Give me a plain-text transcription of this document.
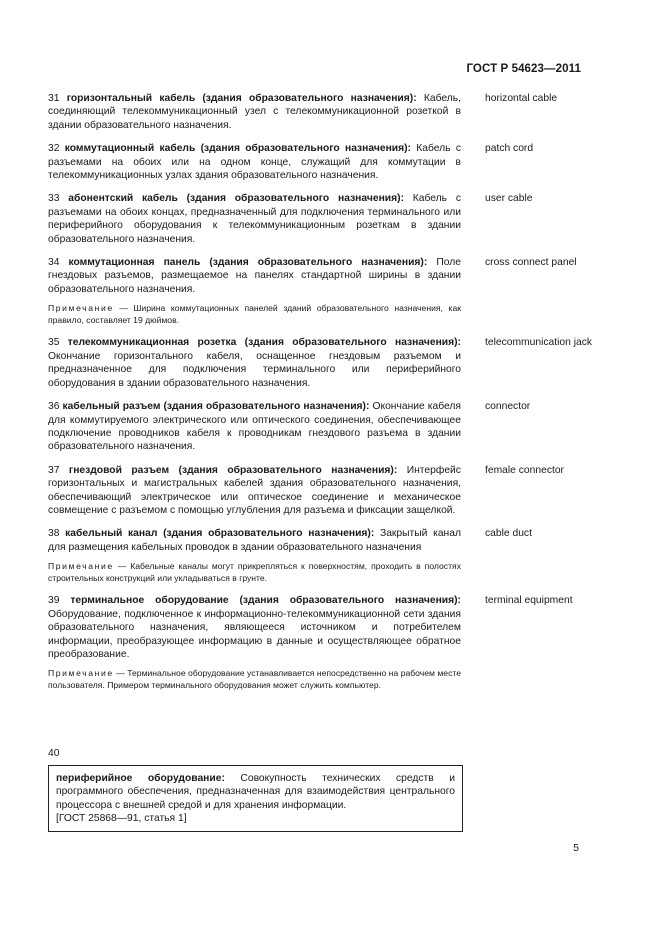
ГОСТ Р 54623—2011
31 горизонтальный кабель (здания образовательного назначения): Кабель, соединяющий телекоммуникационный узел с телекоммуникационной розеткой в здании образовательного назначения.
horizontal cable
32 коммутационный кабель (здания образовательного назначения): Кабель с разъемами на обоих или на одном конце, служащий для коммутации в телекоммуникационных узлах здания образовательного назначения.
patch cord
33 абонентский кабель (здания образовательного назначения): Кабель с разъемами на обоих концах, предназначенный для подключения терминального или периферийного оборудования к телекоммуникационным розеткам в здании образовательного назначения.
user cable
34 коммутационная панель (здания образовательного назначения): Поле гнездовых разъемов, размещаемое на панелях стандартной ширины в здании образовательного назначения.
Примечание — Ширина коммутационных панелей зданий образовательного назначения, как правило, составляет 19 дюймов.
cross connect panel
35 телекоммуникационная розетка (здания образовательного назначения): Окончание горизонтального кабеля, оснащенное гнездовым разъемом и предназначенное для подключения терминального или периферийного оборудования в здании образовательного назначения.
telecommunication jack
36 кабельный разъем (здания образовательного назначения): Окончание кабеля для коммутируемого электрического или оптического соединения, обеспечивающее подключение проводников кабеля к проводникам гнездового разъема в здании образовательного назначения.
connector
37 гнездовой разъем (здания образовательного назначения): Интерфейс горизонтальных и магистральных кабелей здания образовательного назначения, обеспечивающий электрическое или оптическое соединение и механическое совмещение с разъемом с помощью углубления для разъема и фиксации защелкой.
female connector
38 кабельный канал (здания образовательного назначения): Закрытый канал для размещения кабельных проводок в здании образовательного назначения
Примечание — Кабельные каналы могут прикрепляться к поверхностям, проходить в полостях строительных конструкций или укладываться в грунте.
cable duct
39 терминальное оборудование (здания образовательного назначения): Оборудование, подключенное к информационно-телекоммуникационной сети здания образовательного назначения, являющееся источником и потребителем информации, преобразующее информацию в данные и осуществляющее обратное преобразование.
Примечание — Терминальное оборудование устанавливается непосредственно на рабочем месте пользователя. Примером терминального оборудования может служить компьютер.
terminal equipment
40
периферийное оборудование: Совокупность технических средств и программного обеспечения, предназначенная для взаимодействия центрального процессора с внешней средой и для хранения информации.
[ГОСТ 25868—91, статья 1]
5
